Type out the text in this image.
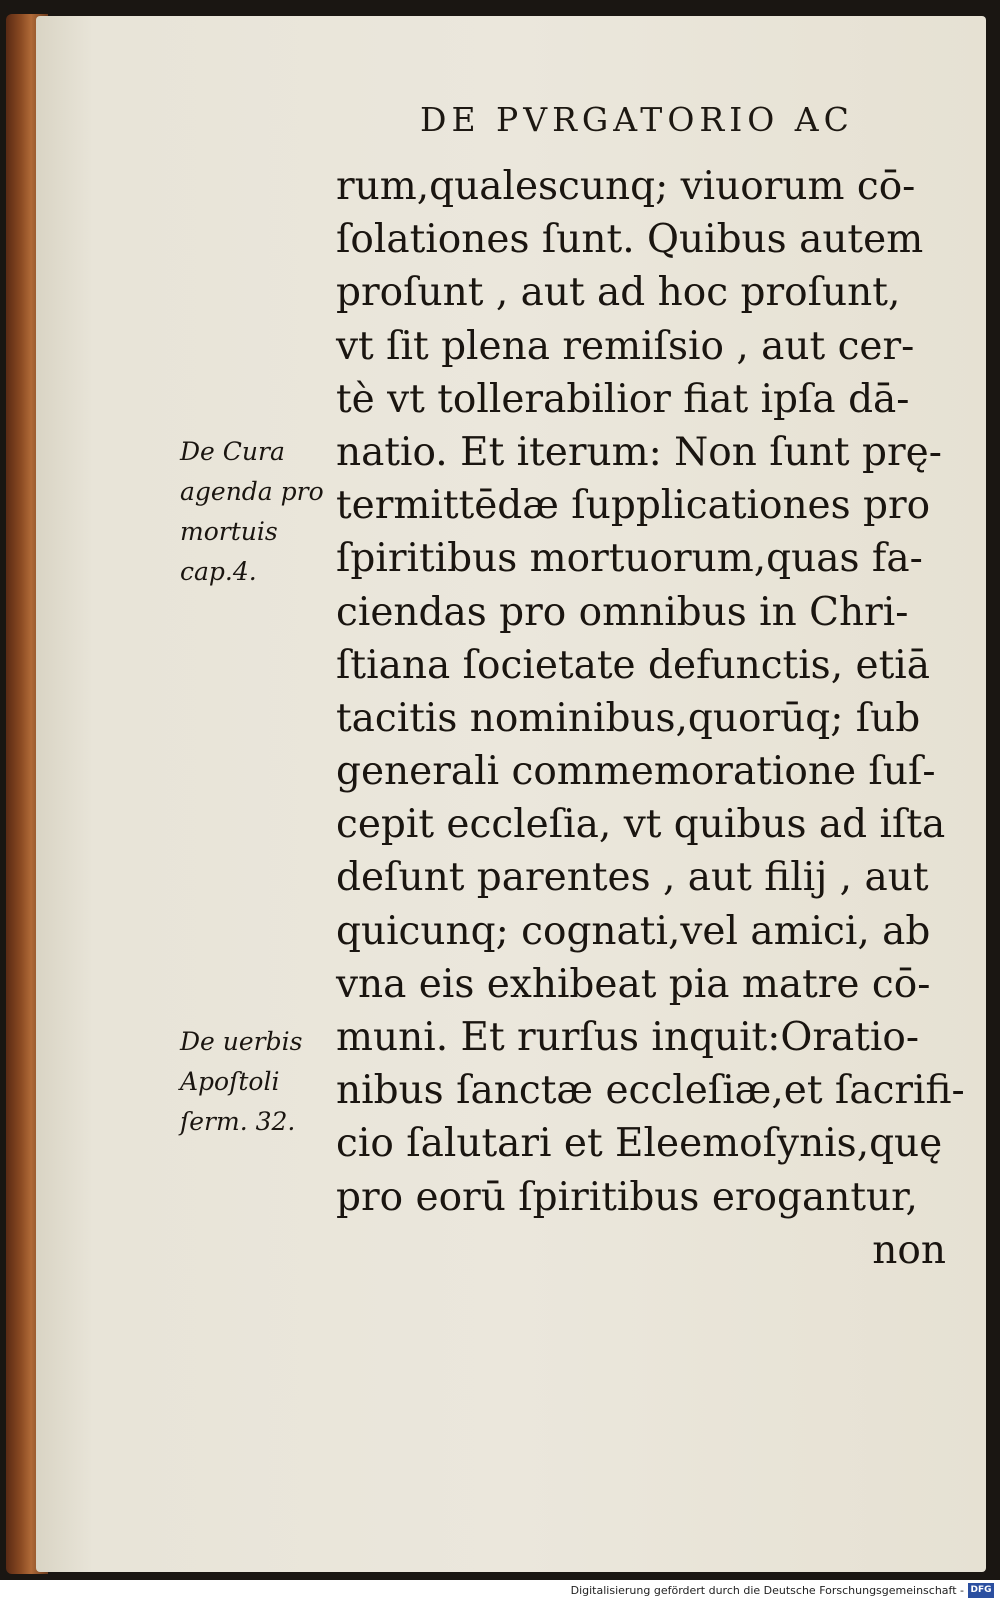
DE PVRGATORIO AC
rum,qualescunq; viuorum cō-
ſolationes ſunt. Quibus autem
proſunt , aut ad hoc proſunt,
vt ſit plena remiſsio , aut cer-
tè vt tollerabilior fiat ipſa dā-
natio. Et iterum: Non ſunt prę-
termittēdæ ſupplicationes pro
ſpiritibus mortuorum,quas fa-
ciendas pro omnibus in Chri-
ſtiana ſocietate defunctis, etiā
tacitis nominibus,quorūq; ſub
generali commemoratione ſuſ-
cepit eccleſia, vt quibus ad iſta
deſunt parentes , aut filij , aut
quicunq; cognati,vel amici, ab
vna eis exhibeat pia matre cō-
muni. Et rurſus inquit:Oratio-
nibus ſanctæ eccleſiæ,et ſacrifi-
cio ſalutari et Eleemoſynis,quę
pro eorū ſpiritibus erogantur,
non
De Cura
agenda pro
mortuis
cap.4.
De uerbis
Apoſtoli
ſerm. 32.
Digitalisierung gefördert durch die Deutsche Forschungsgemeinschaft - DFG
